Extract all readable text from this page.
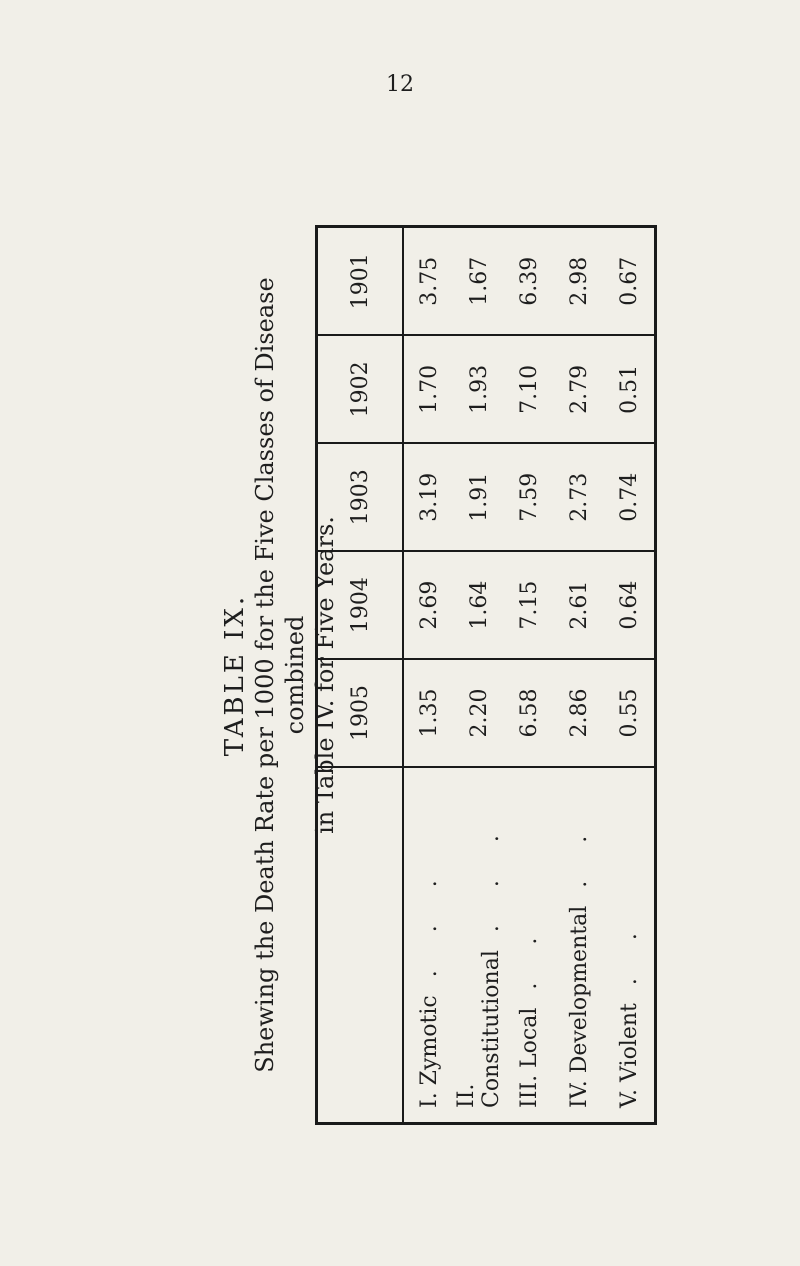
12
TABLE IX. Shewing the Death Rate per 1000 for the Five Classes of Disease combined in Table IV. for Five Years.
	1905	1904	1903	1902	1901
I. Zymotic...	1.35	2.69	3.19	1.70	3.75
II. Constitutional...	2.20	1.64	1.91	1.93	1.67
III. Local..	6.58	7.15	7.59	7.10	6.39
IV. Developmental..	2.86	2.61	2.73	2.79	2.98
V. Violent..	0.55	0.64	0.74	0.51	0.67
